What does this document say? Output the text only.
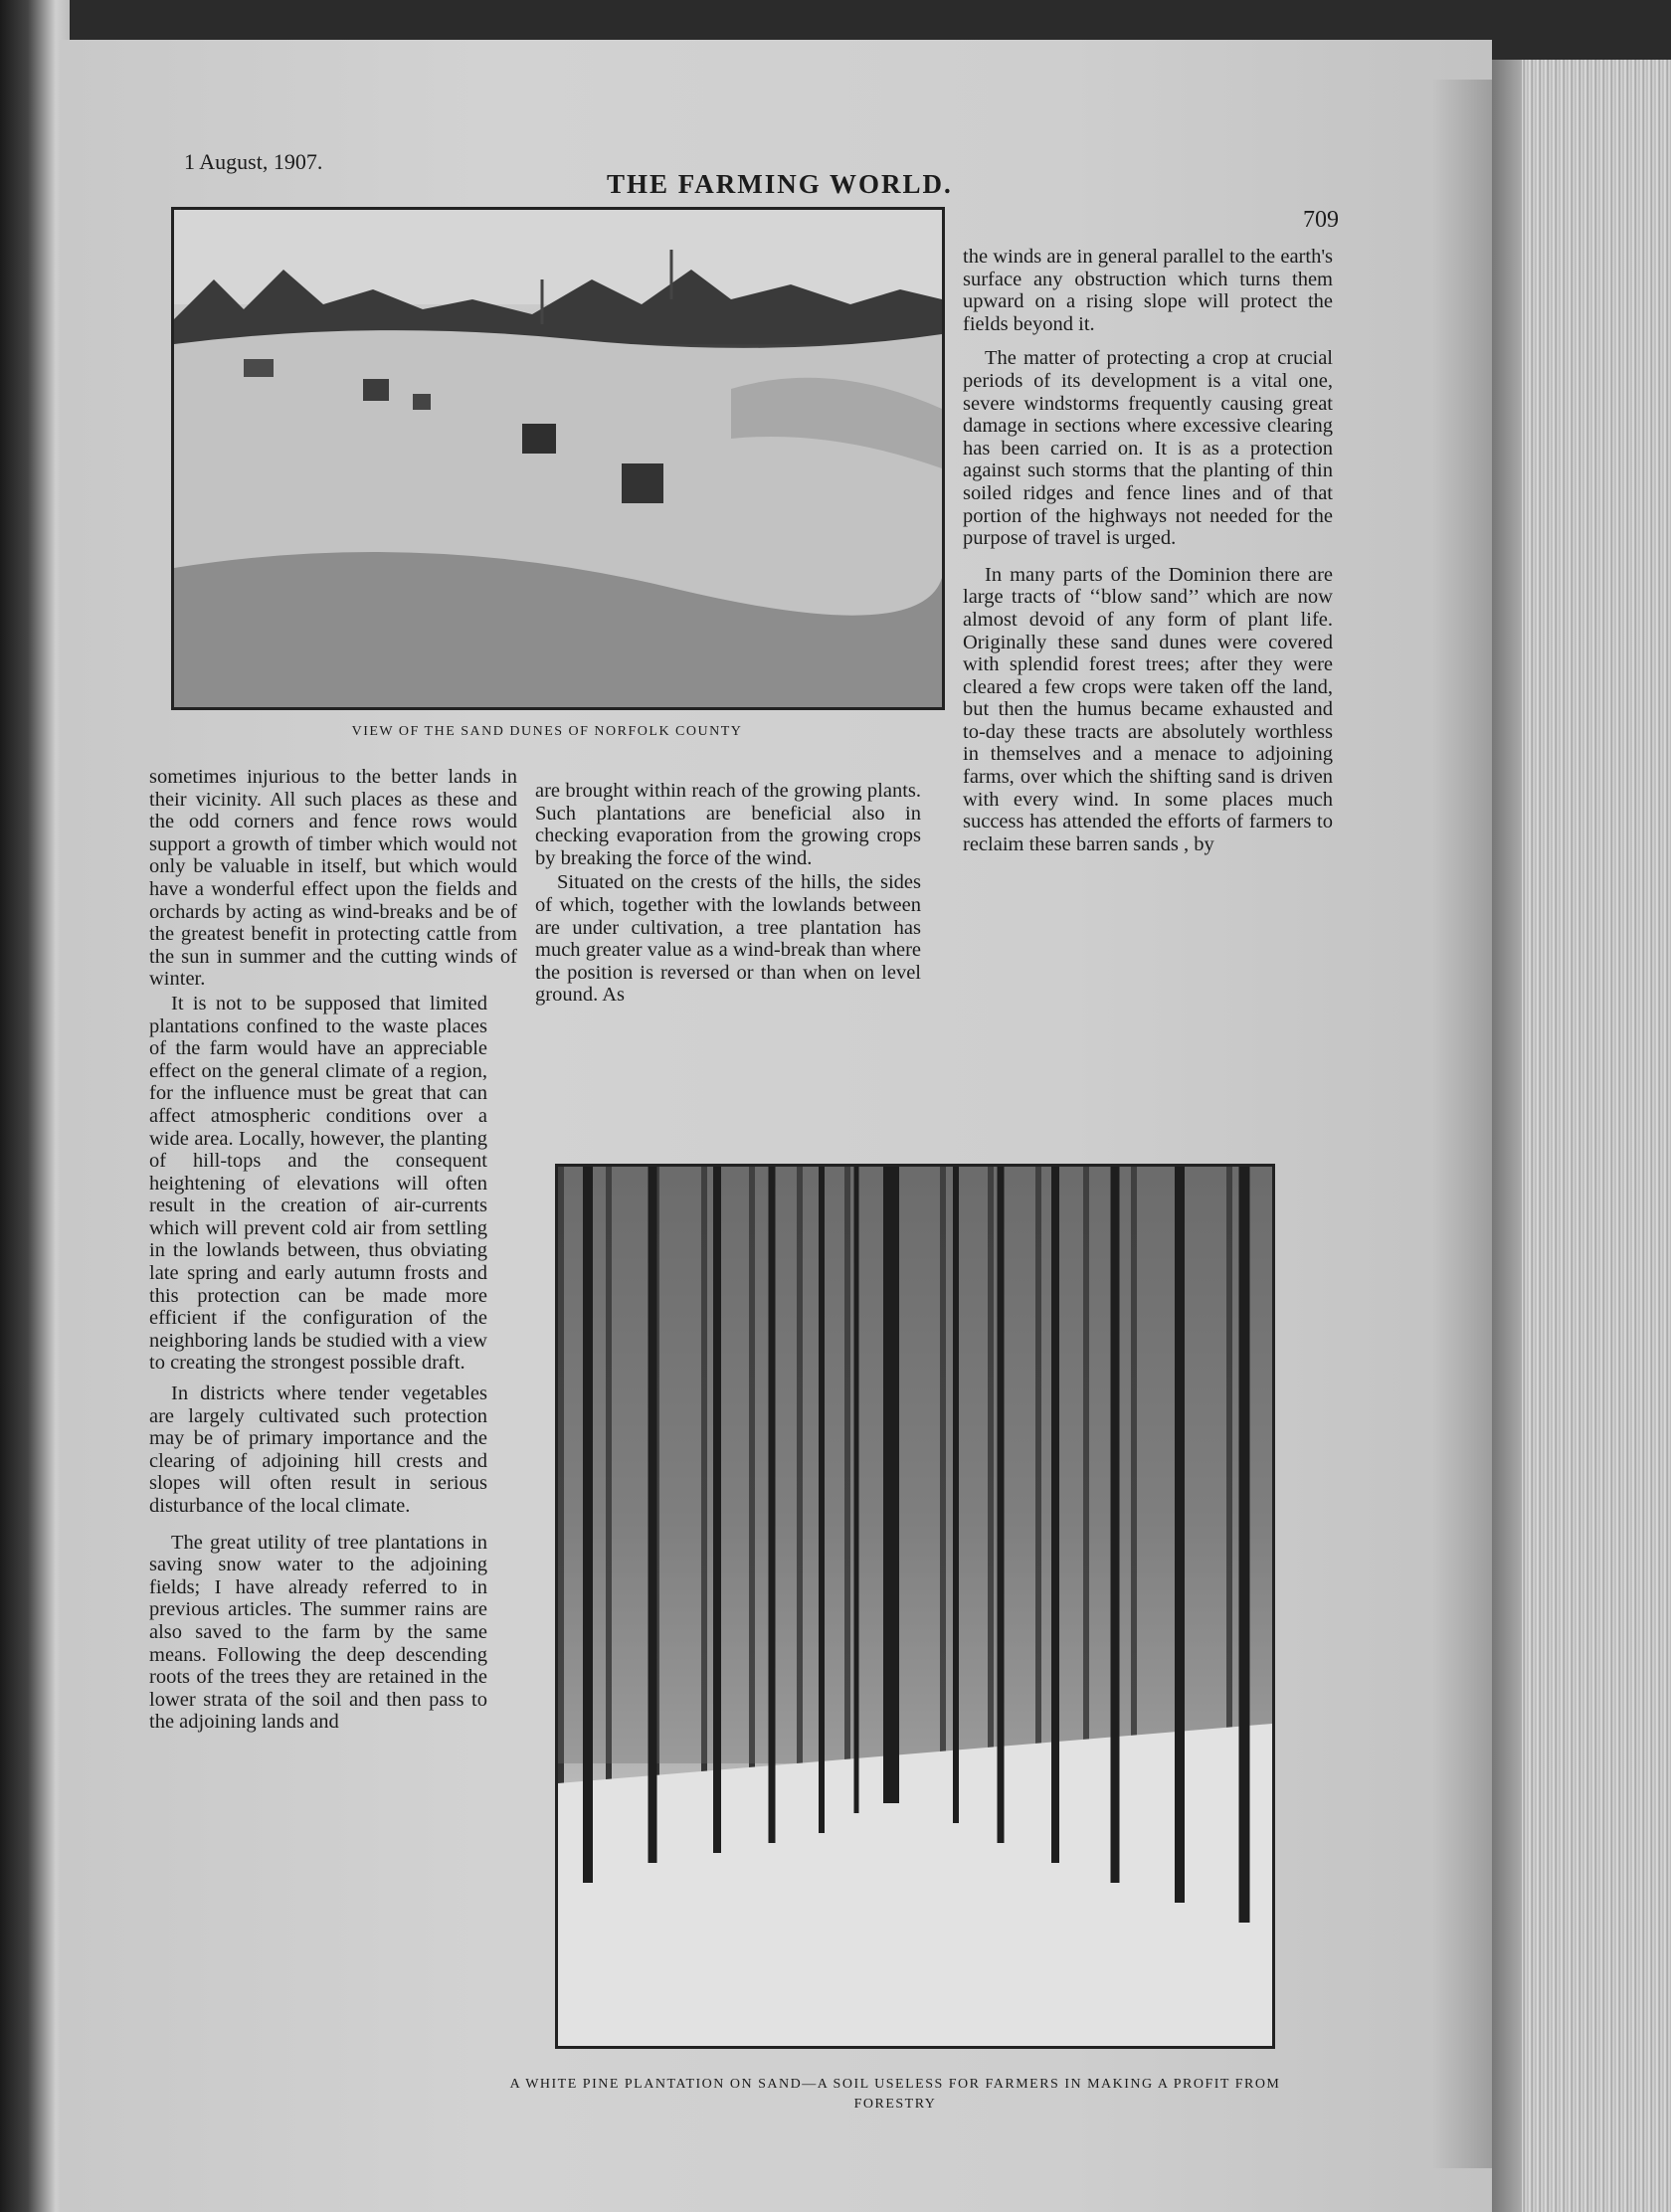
1 August, 1907.
THE FARMING WORLD.
709
VIEW OF THE SAND DUNES OF NORFOLK COUNTY
A WHITE PINE PLANTATION ON SAND—A SOIL USELESS FOR FARMERS IN MAKING A PROFIT FROM FORESTRY

the winds are in general parallel to the earth's surface any obstruction which turns them upward on a rising slope will protect the fields beyond it.

The matter of protecting a crop at crucial periods of its development is a vital one, severe windstorms frequently causing great damage in sections where excessive clearing has been carried on. It is as a protection against such storms that the planting of thin soiled ridges and fence lines and of that portion of the highways not needed for the purpose of travel is urged.

In many parts of the Dominion there are large tracts of ‘‘blow sand’’ which are now almost devoid of any form of plant life. Originally these sand dunes were covered with splendid forest trees; after they were cleared a few crops were taken off the land, but then the humus became exhausted and to-day these tracts are absolutely worthless in themselves and a menace to adjoining farms, over which the shifting sand is driven with every wind. In some places much success has attended the efforts of farmers to reclaim these barren sands , by

sometimes injurious to the better lands in their vicinity. All such places as these and the odd corners and fence rows would support a growth of timber which would not only be valuable in itself, but which would have a wonderful effect upon the fields and orchards by acting as wind-breaks and be of the greatest benefit in protecting cattle from the sun in summer and the cutting winds of winter.

It is not to be supposed that limited plantations confined to the waste places of the farm would have an appreciable effect on the general climate of a region, for the influence must be great that can affect atmospheric conditions over a wide area. Locally, however, the planting of hill-tops and the consequent heightening of elevations will often result in the creation of air-currents which will prevent cold air from settling in the lowlands between, thus obviating late spring and early autumn frosts and this protection can be made more efficient if the configuration of the neighboring lands be studied with a view to creating the strongest possible draft.

In districts where tender vegetables are largely cultivated such protection may be of primary importance and the clearing of adjoining hill crests and slopes will often result in serious disturbance of the local climate.

The great utility of tree plantations in saving snow water to the adjoining fields; I have already referred to in previous articles. The summer rains are also saved to the farm by the same means. Following the deep descending roots of the trees they are retained in the lower strata of the soil and then pass to the adjoining lands and

are brought within reach of the growing plants. Such plantations are beneficial also in checking evaporation from the growing crops by breaking the force of the wind.

Situated on the crests of the hills, the sides of which, together with the lowlands between are under cultivation, a tree plantation has much greater value as a wind-break than where the position is reversed or than when on level ground. As
